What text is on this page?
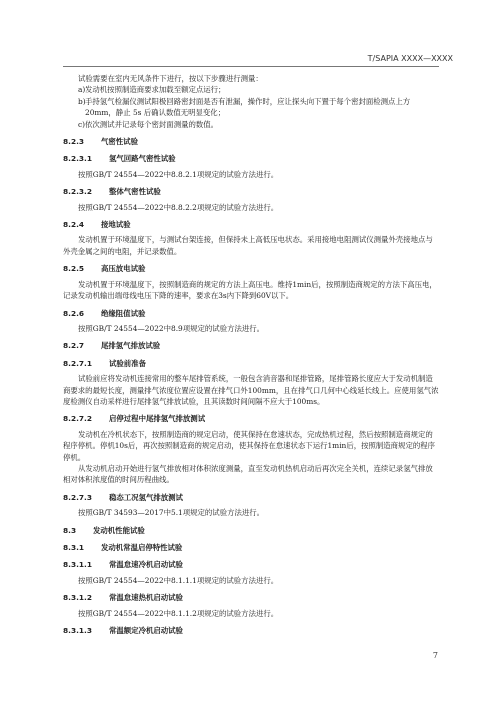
T/SAPIA XXXX—XXXX

试验需要在室内无风条件下进行，按以下步骤进行测量：

a) 发动机按照制造商要求加载至额定点运行；
b) 手持氢气检漏仪测试阳极回路密封面是否有泄漏，操作时，应让探头向下置于每个密封面检测点上方 20mm，静止 5s 后确认数值无明显变化；
c) 依次测试并记录每个密封面测量的数值。
8.2.3	气密性试验
8.2.3.1	氢气回路气密性试验

按照GB/T 24554—2022中8.8.2.1项规定的试验方法进行。

8.2.3.2	整体气密性试验

按照GB/T 24554—2022中8.8.2.2项规定的试验方法进行。

8.2.4	接地试验

发动机置于环境温度下，与测试台架连接，但保持未上高低压电状态。采用接地电阻测试仪测量外壳接地点与外壳金属之间的电阻，并记录数值。

8.2.5	高压放电试验

发动机置于环境温度下，按照制造商的规定的方法上高压电。维持1min后，按照制造商规定的方法下高压电，记录发动机输出端母线电压下降的速率，要求在3s内下降到60V以下。

8.2.6	绝缘阻值试验

按照GB/T 24554—2022中8.9项规定的试验方法进行。

8.2.7	尾排氢气排放试验
8.2.7.1	试验前准备

试验前应将发动机连接常用的整车尾排管系统，一般包含消音器和尾排管路，尾排管路长度应大于发动机制造商要求的最短长度，测量排气浓度位置应设置在排气口外100mm，且在排气口几何中心线延长线上。应使用氢气浓度检测仪自动采样进行尾排氢气排放试验，且其读数时间间隔不应大于100ms。

8.2.7.2	启停过程中尾排氢气排放测试

发动机在冷机状态下，按照制造商的规定启动，使其保持在怠速状态，完成热机过程，然后按照制造商规定的程序停机。停机10s后，再次按照制造商的规定启动，使其保持在怠速状态下运行1min后，按照制造商规定的程序停机。

从发动机启动开始进行氢气排放相对体积浓度测量，直至发动机热机启动后再次完全关机，连续记录氢气排放相对体积浓度值的时间历程曲线。

8.2.7.3	稳态工况氢气排放测试

按照GB/T 34593—2017中5.1项规定的试验方法进行。

8.3	发动机性能试验
8.3.1	发动机常温启停特性试验
8.3.1.1	常温怠速冷机启动试验

按照GB/T 24554—2022中8.1.1.1项规定的试验方法进行。

8.3.1.2	常温怠速热机启动试验

按照GB/T 24554—2022中8.1.1.2项规定的试验方法进行。

8.3.1.3	常温额定冷机启动试验
7
